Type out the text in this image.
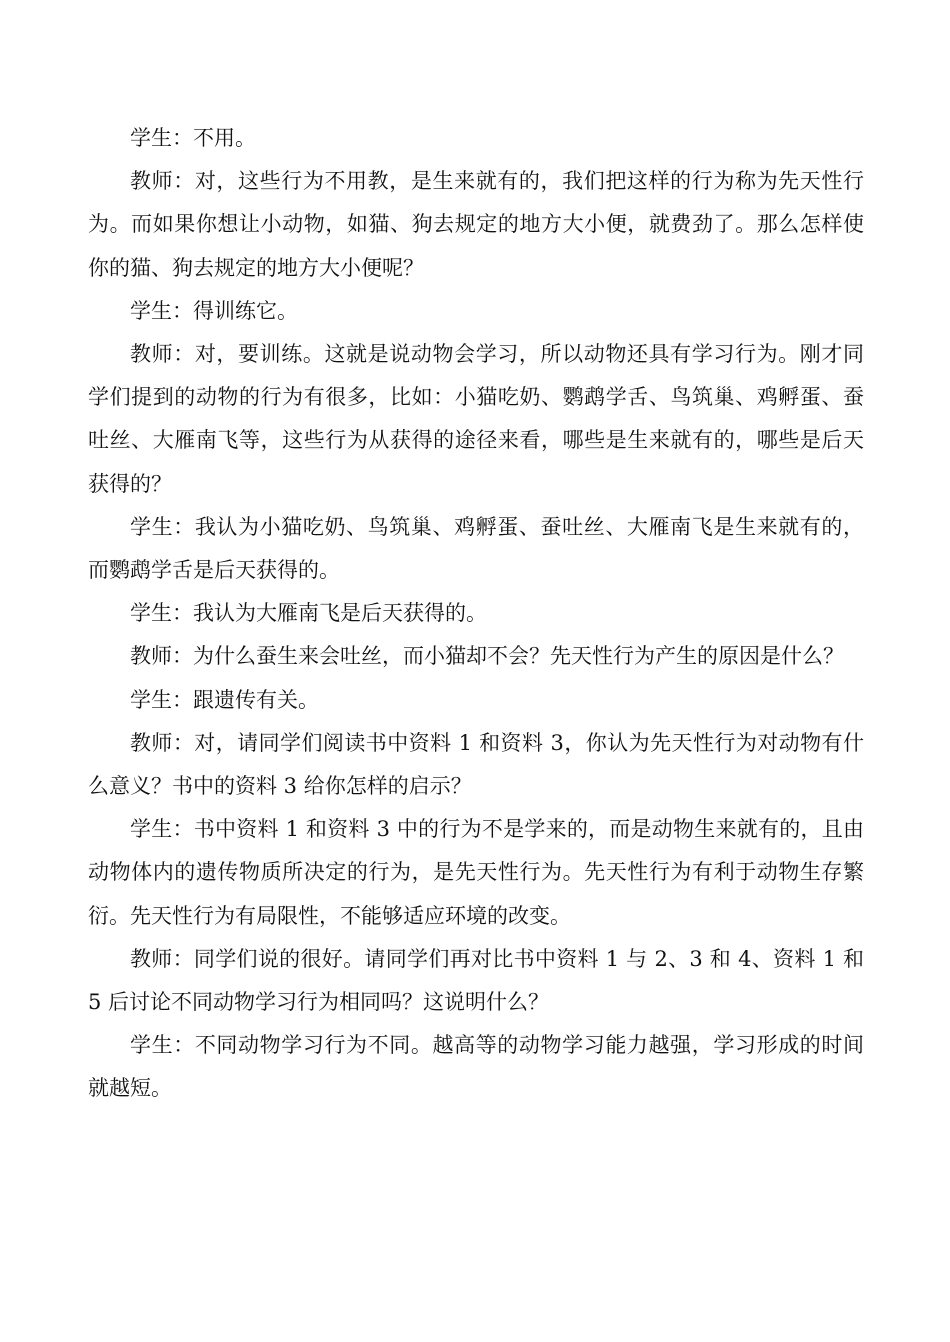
学生：不用。

教师：对，这些行为不用教，是生来就有的，我们把这样的行为称为先天性行为。而如果你想让小动物，如猫、狗去规定的地方大小便，就费劲了。那么怎样使你的猫、狗去规定的地方大小便呢？

学生：得训练它。

教师：对，要训练。这就是说动物会学习，所以动物还具有学习行为。刚才同学们提到的动物的行为有很多，比如：小猫吃奶、鹦鹉学舌、鸟筑巢、鸡孵蛋、蚕吐丝、大雁南飞等，这些行为从获得的途径来看，哪些是生来就有的，哪些是后天获得的？

学生：我认为小猫吃奶、鸟筑巢、鸡孵蛋、蚕吐丝、大雁南飞是生来就有的，而鹦鹉学舌是后天获得的。

学生：我认为大雁南飞是后天获得的。

教师：为什么蚕生来会吐丝，而小猫却不会？先天性行为产生的原因是什么？

学生：跟遗传有关。

教师：对，请同学们阅读书中资料 1 和资料 3，你认为先天性行为对动物有什么意义？书中的资料 3 给你怎样的启示？

学生：书中资料 1 和资料 3 中的行为不是学来的，而是动物生来就有的，且由动物体内的遗传物质所决定的行为，是先天性行为。先天性行为有利于动物生存繁衍。先天性行为有局限性，不能够适应环境的改变。

教师：同学们说的很好。请同学们再对比书中资料 1 与 2、3 和 4、资料 1 和 5 后讨论不同动物学习行为相同吗？这说明什么？

学生：不同动物学习行为不同。越高等的动物学习能力越强，学习形成的时间就越短。
